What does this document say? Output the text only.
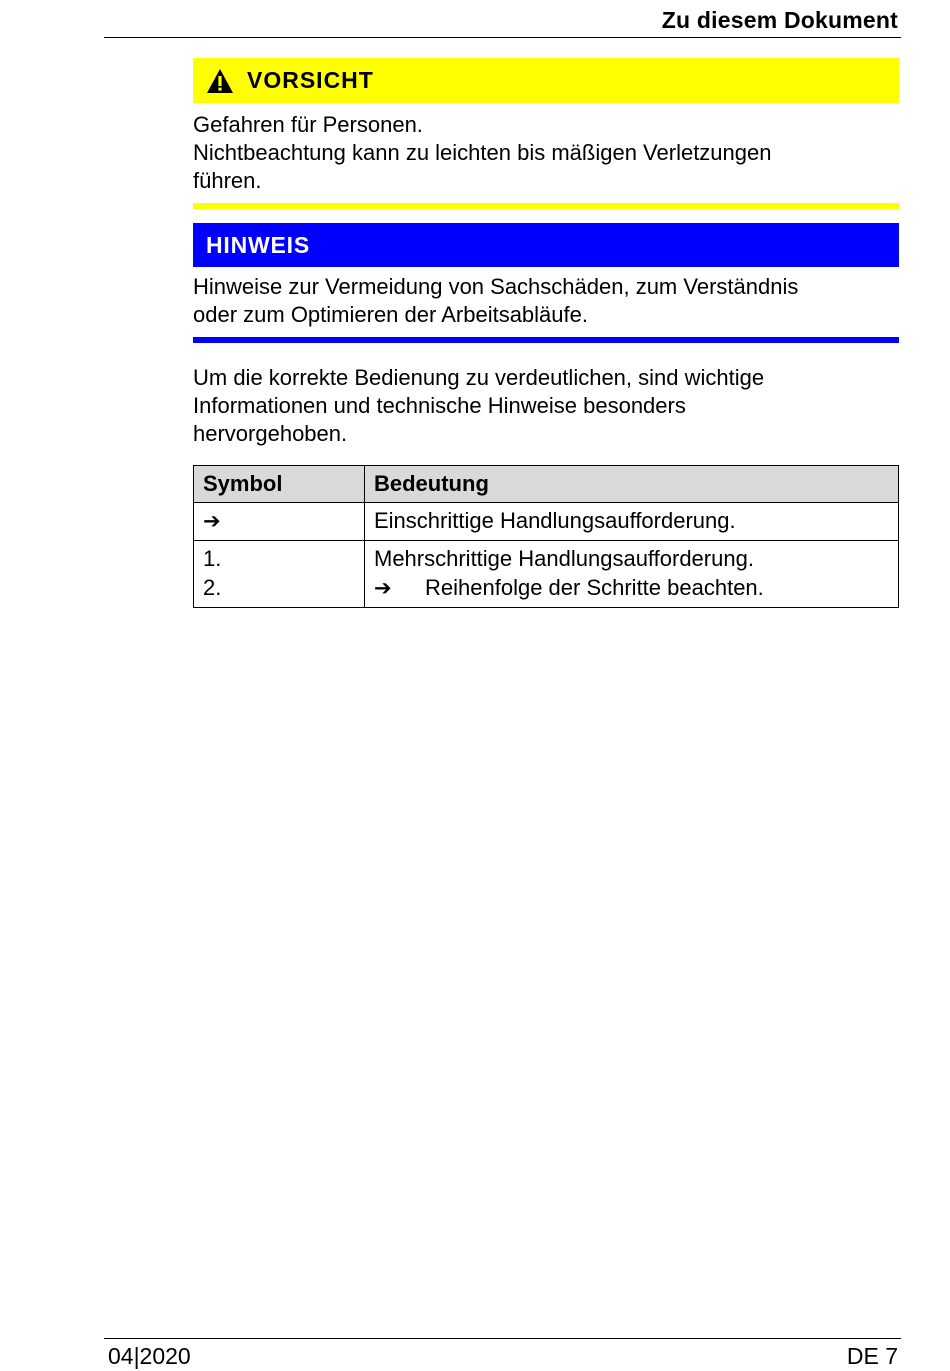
Zu diesem Dokument
VORSICHT
Gefahren für Personen.
Nichtbeachtung kann zu leichten bis mäßigen Verletzungen
führen.
HINWEIS
Hinweise zur Vermeidung von Sachschäden, zum Verständnis
oder zum Optimieren der Arbeitsabläufe.
Um die korrekte Bedienung zu verdeutlichen, sind wichtige
Informationen und technische Hinweise besonders
hervorgehoben.
Symbol	Bedeutung
➔	Einschrittige Handlungsaufforderung.

1.
2.	Mehrschrittige Handlungsaufforderung.
➔ Reihenfolge der Schritte beachten.
04|2020	DE 7
